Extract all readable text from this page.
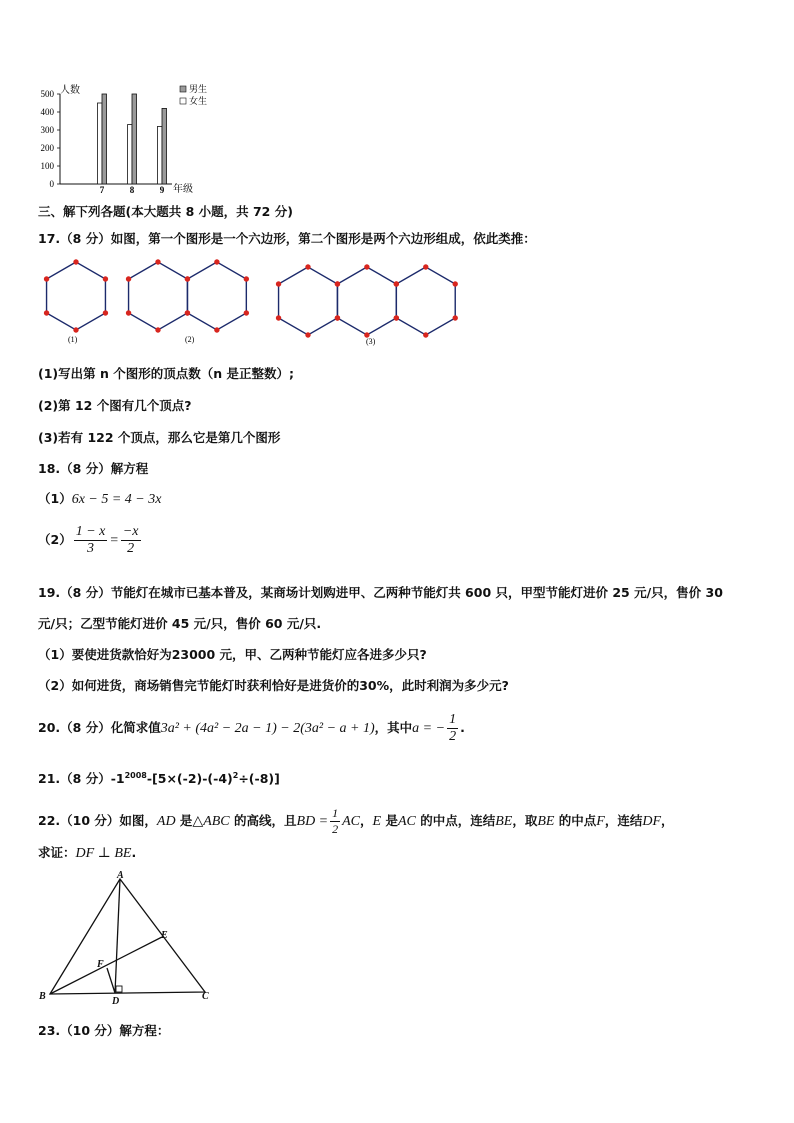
人数
500
400
300
200
100
0
7	8	9 年级
男生
女生
三、解下列各题(本大题共 8 小题，共 72 分)
17.（8 分）如图，第一个图形是一个六边形，第二个图形是两个六边形组成，依此类推：
(1)	(2)	(3)
(1)写出第 n 个图形的顶点数（n 是正整数）;
(2)第 12 个图有几个顶点?
(3)若有 122 个顶点，那么它是第几个图形
18.（8 分）解方程
（1）6x − 5 = 4 − 3x
$(2) \frac{1 - x}{3} = \frac{-x}{2}$
19.（8 分）节能灯在城市已基本普及，某商场计划购进甲、乙两种节能灯共 600 只，甲型节能灯进价 25 元/只，售价 30
元/只；乙型节能灯进价 45 元/只，售价 60 元/只.
（1）要使进货款恰好为23000 元，甲、乙两种节能灯应各进多少只?
（2）如何进货，商场销售完节能灯时获利恰好是进货价的30%，此时利润为多少元?
20.（8 分）化简求值3a² + (4a² − 2a − 1) − 2(3a² − a + 1)，其中a = − $\frac{1}{2}$ .
21.（8 分）$-1^{2008}-[5\times(-2)-(-4)^2\div(-8)]$
22.（10 分）如图，AD 是△ABC 的高线，且BD = $\frac{1}{2}$ AC，E 是AC 的中点，连结BE，取BE 的中点F，连结DF，
求证：DF ⊥ BE.
A
B	C
D
E
F
23.（10 分）解方程：
